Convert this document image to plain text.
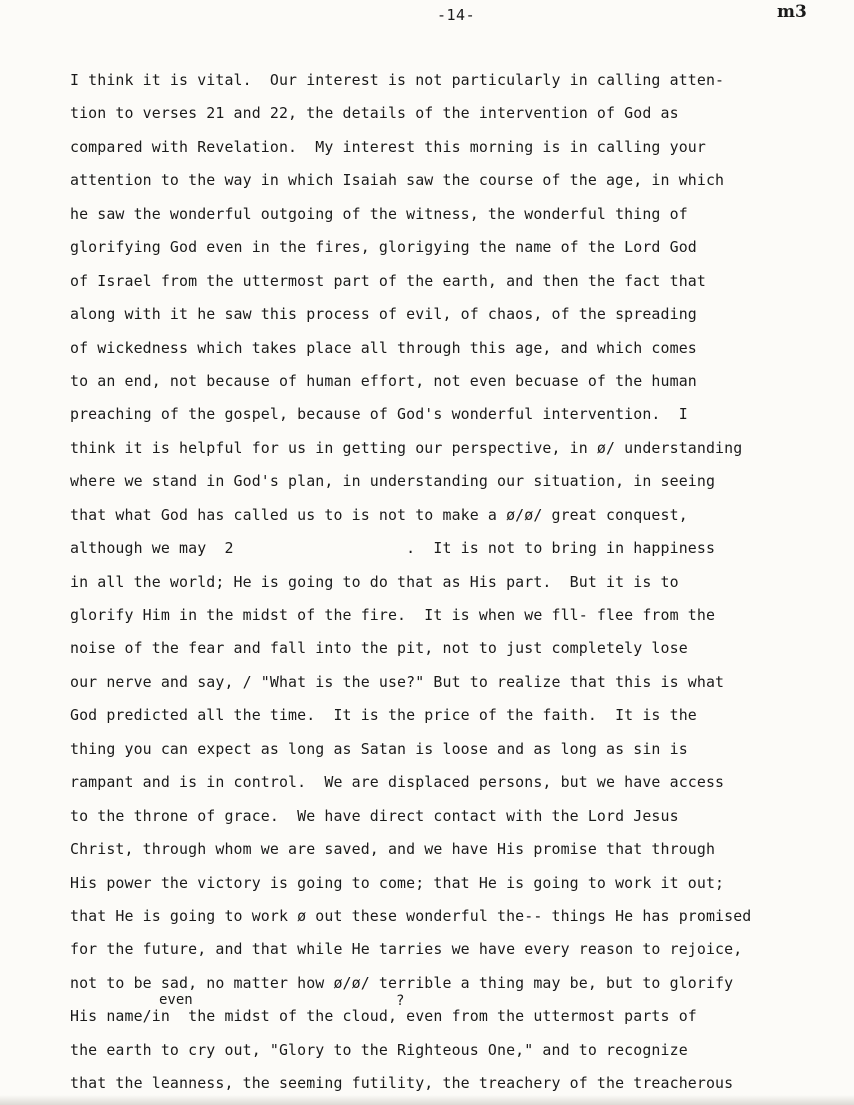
-14-	m3
I think it is vital.  Our interest is not particularly in calling atten-
tion to verses 21 and 22, the details of the intervention of God as
compared with Revelation.  My interest this morning is in calling your
attention to the way in which Isaiah saw the course of the age, in which
he saw the wonderful outgoing of the witness, the wonderful thing of
glorifying God even in the fires, glorigying the name of the Lord God
of Israel from the uttermost part of the earth, and then the fact that
along with it he saw this process of evil, of chaos, of the spreading
of wickedness which takes place all through this age, and which comes
to an end, not because of human effort, not even becuase of the human
preaching of the gospel, because of God's wonderful intervention.  I
think it is helpful for us in getting our perspective, in ø/ understanding
where we stand in God's plan, in understanding our situation, in seeing
that what God has called us to is not to make a ø/ø/ great conquest,
although we may  2                   .  It is not to bring in happiness
in all the world; He is going to do that as His part.  But it is to
glorify Him in the midst of the fire.  It is when we fll- flee from the
noise of the fear and fall into the pit, not to just completely lose
our nerve and say, / "What is the use?" But to realize that this is what
God predicted all the time.  It is the price of the faith.  It is the
thing you can expect as long as Satan is loose and as long as sin is
rampant and is in control.  We are displaced persons, but we have access
to the throne of grace.  We have direct contact with the Lord Jesus
Christ, through whom we are saved, and we have His promise that through
His power the victory is going to come; that He is going to work it out;
that He is going to work ø out these wonderful the-- things He has promised
for the future, and that while He tarries we have every reason to rejoice,
not to be sad, no matter how ø/ø/ terrible a thing may be, but to glorify
His name/in  the midst of the cloud, even from the uttermost parts of
the earth to cry out, "Glory to the Righteous One," and to recognize
that the leanness, the seeming futility, the treachery of the treacherous
even	?
